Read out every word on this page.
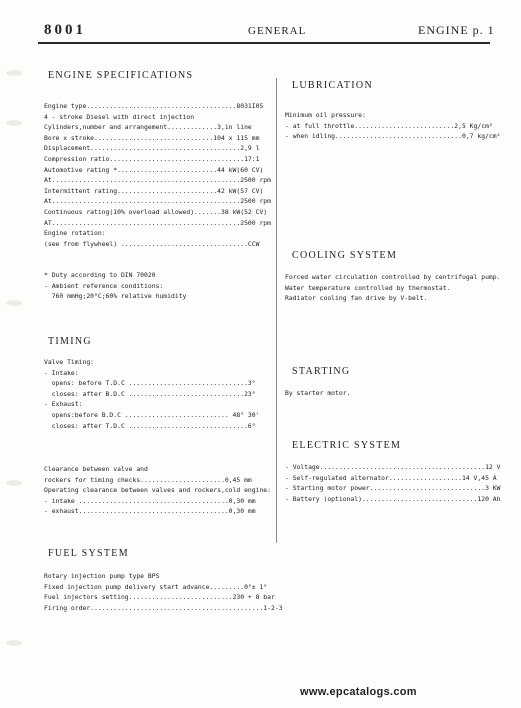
8001	GENERAL	ENGINE p. 1
ENGINE SPECIFICATIONS
Engine type.......................................8031I05
4 - stroke Diesel with direct injection
Cylinders,number and arrangement.............3,in line
Bore x stroke...............................104 x 115 mm
Displacement.......................................2,9 l
Compression ratio...................................17:1
Automotive rating *..........................44 kW(60 CV)
At.................................................2500 rpm
Intermittent rating..........................42 kW(57 CV)
At.................................................2500 rpm
Continuous rating(10% overload allowed).......38 kW(52 CV)
AT.................................................2500 rpm
Engine rotation:
(see from flywheel) .................................CCW
* Duty according to DIN 70020
- Ambient reference conditions:
760 mmHg;20°C;60% relative humidity
TIMING
Valve Timing:
- Intake:
opens: before T.D.C ...............................3°
closes: after B.D.C ..............................23°
- Exhaust:
opens:before B.D.C ........................... 48° 30'
closes: after T.D.C ...............................6°
Clearance between valve and
rockers for timing checks......................0,45 mm
Operating clearance between valves and rockers,cold engine:
- intake .......................................0,30 mm
- exhaust.......................................0,30 mm
FUEL SYSTEM
Rotary injection pump type BPS
Fixed injection pump delivery start advance.........0°± 1°
Fuel injectors setting...........................230 + 8 bar
Firing order.............................................1-2-3
LUBRICATION
Minimum oil pressure:
- at full throttle..........................2,5 Kg/cm²
- when idling.................................0,7 kg/cm²
COOLING SYSTEM
Forced water circulation controlled by centrifugal pump.
Water temperature controlled by thermostat.
Radiator cooling fan drive by V-belt.
STARTING
By starter motor.
ELECTRIC SYSTEM
- Voltage...........................................12 V
- Self-regulated alternator...................14 V,45 A
- Starting motor power..............................3 KW
- Battery (optional)..............................120 Ah
www.epcatalogs.com
